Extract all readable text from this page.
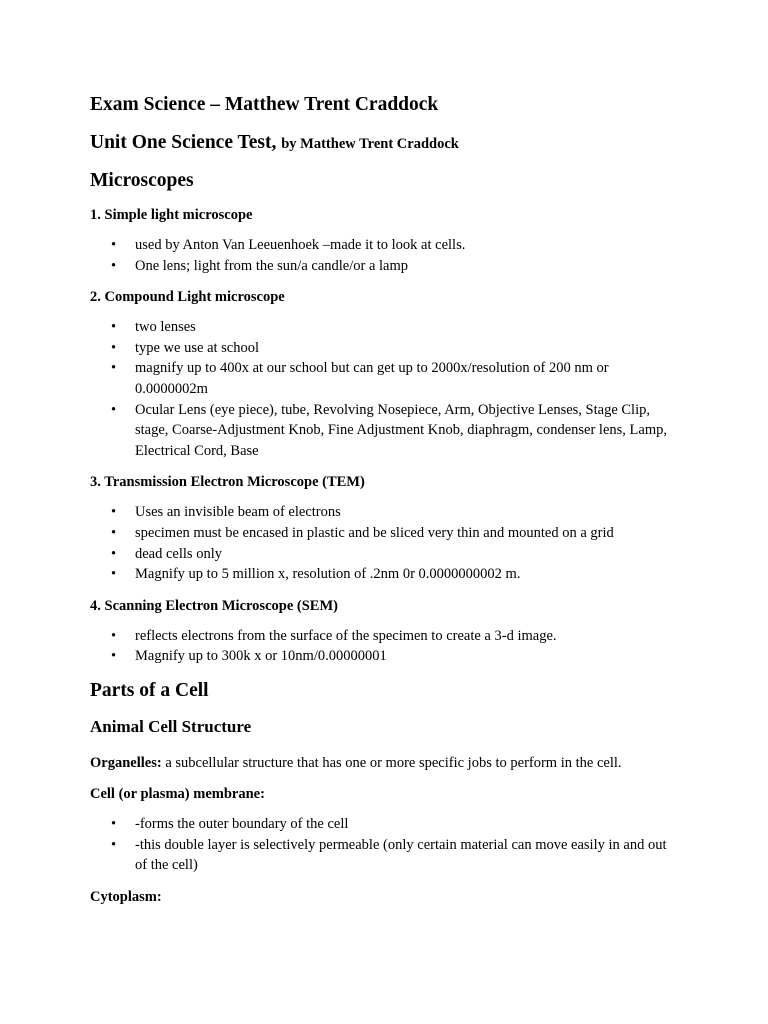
Exam Science – Matthew Trent Craddock
Unit One Science Test, by Matthew Trent Craddock
Microscopes
1. Simple light microscope
• used by Anton Van Leeuenhoek –made it to look at cells.
• One lens; light from the sun/a candle/or a lamp
2. Compound Light microscope
• two lenses
• type we use at school
• magnify up to 400x at our school but can get up to 2000x/resolution of 200 nm or 0.0000002m
• Ocular Lens (eye piece), tube, Revolving Nosepiece, Arm, Objective Lenses, Stage Clip, stage, Coarse-Adjustment Knob, Fine Adjustment Knob, diaphragm, condenser lens, Lamp, Electrical Cord, Base
3. Transmission Electron Microscope (TEM)
• Uses an invisible beam of electrons
• specimen must be encased in plastic and be sliced very thin and mounted on a grid
• dead cells only
• Magnify up to 5 million x, resolution of .2nm 0r 0.0000000002 m.
4. Scanning Electron Microscope (SEM)
• reflects electrons from the surface of the specimen to create a 3-d image.
• Magnify up to 300k x or 10nm/0.00000001
Parts of a Cell
Animal Cell Structure

Organelles: a subcellular structure that has one or more specific jobs to perform in the cell.

Cell (or plasma) membrane:
• -forms the outer boundary of the cell
• -this double layer is selectively permeable (only certain material can move easily in and out of the cell)
Cytoplasm:
